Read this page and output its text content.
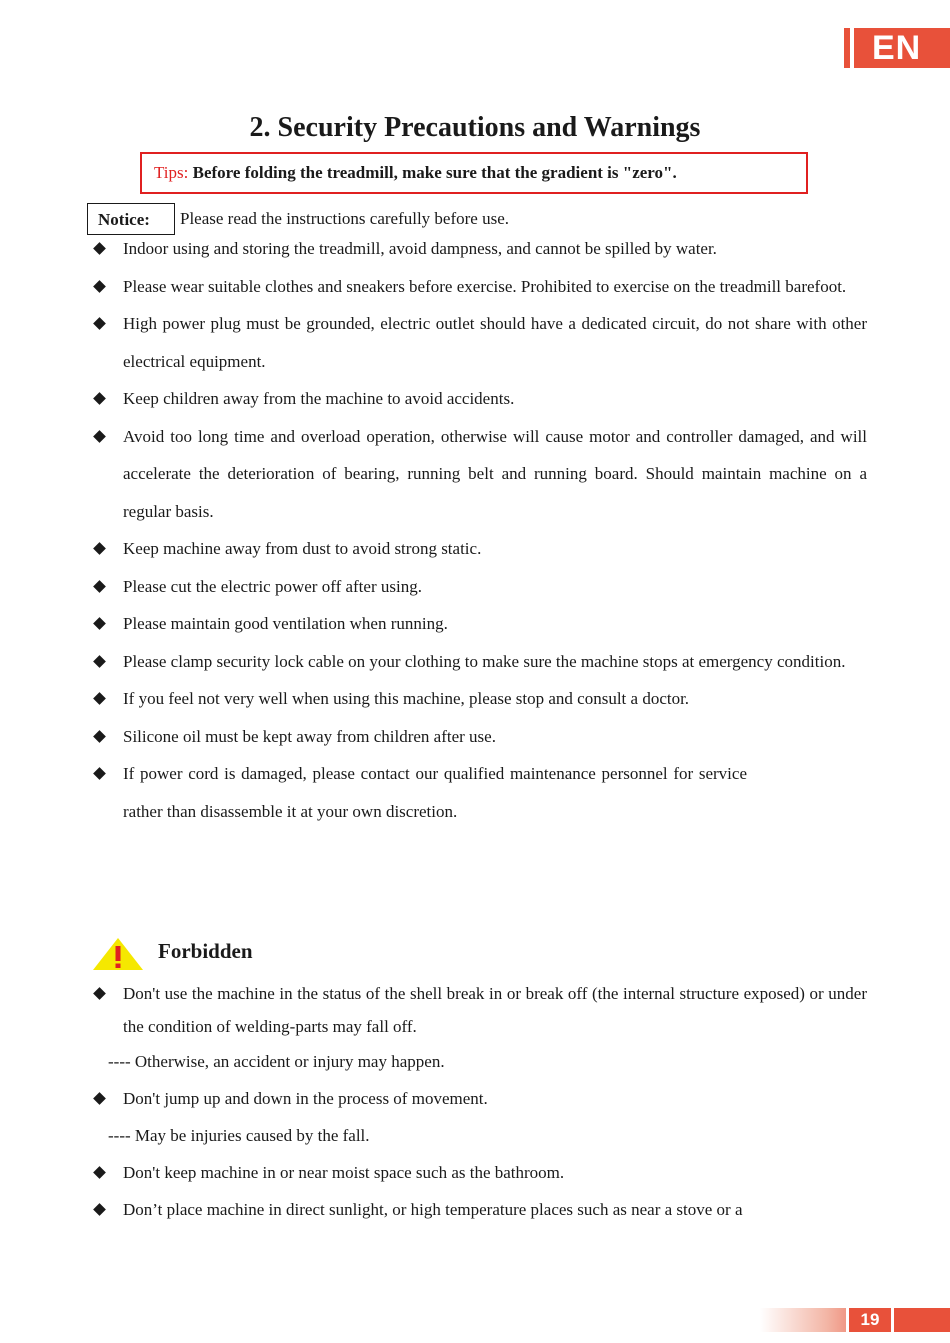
EN
2. Security Precautions and Warnings
Tips: Before folding the treadmill, make sure that the gradient is "zero".
Notice:	Please read the instructions carefully before use.
Indoor using and storing the treadmill, avoid dampness, and cannot be spilled by water.
Please wear suitable clothes and sneakers before exercise. Prohibited to exercise on the treadmill barefoot.
High power plug must be grounded, electric outlet should have a dedicated circuit, do not share with other electrical equipment.
Keep children away from the machine to avoid accidents.
Avoid too long time and overload operation, otherwise will cause motor and controller damaged, and will accelerate the deterioration of bearing, running belt and running board. Should maintain machine on a regular basis.
Keep machine away from dust to avoid strong static.
Please cut the electric power off after using.
Please maintain good ventilation when running.
Please clamp security lock cable on your clothing to make sure the machine stops at emergency condition.
If you feel not very well when using this machine, please stop and consult a doctor.
Silicone oil must be kept away from children after use.
If power cord is damaged, please contact our qualified maintenance personnel for service rather than disassemble it at your own discretion.
Forbidden
Don't use the machine in the status of the shell break in or break off (the internal structure exposed) or under the condition of welding-parts may fall off.
---- Otherwise, an accident or injury may happen.
Don't jump up and down in the process of movement.
---- May be injuries caused by the fall.
Don't keep machine in or near moist space such as the bathroom.
Don’t place machine in direct sunlight, or high temperature places such as near a stove or a
19
